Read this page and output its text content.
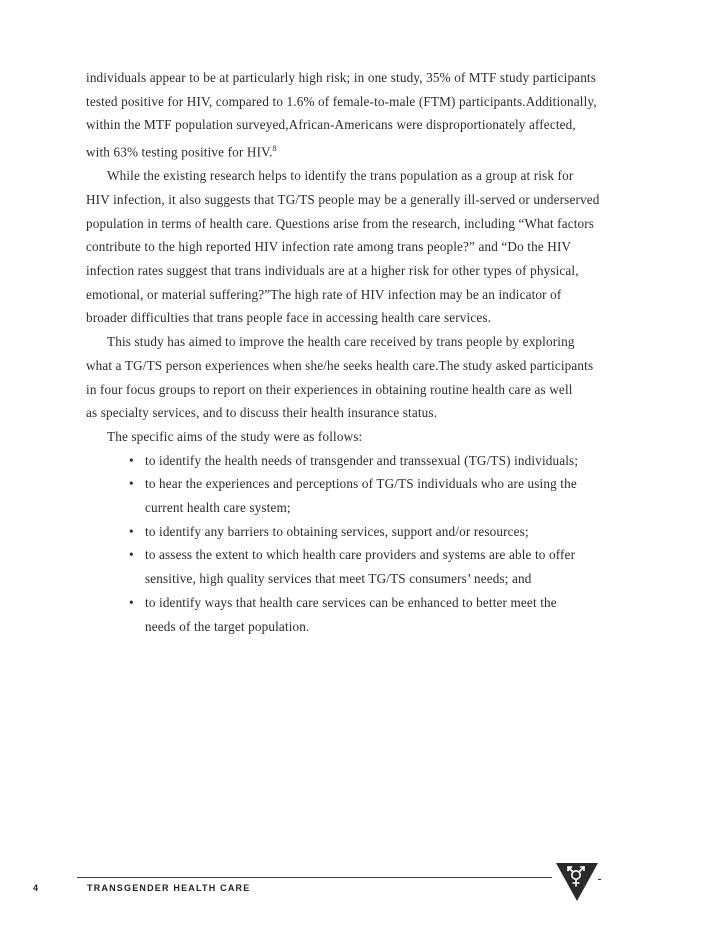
individuals appear to be at particularly high risk; in one study, 35% of MTF study participants
tested positive for HIV, compared to 1.6% of female-to-male (FTM) participants.Additionally,
within the MTF population surveyed,African-Americans were disproportionately affected,
with 63% testing positive for HIV.$^8$

While the existing research helps to identify the trans population as a group at risk for
HIV infection, it also suggests that TG/TS people may be a generally ill-served or underserved
population in terms of health care. Questions arise from the research, including “What factors
contribute to the high reported HIV infection rate among trans people?” and “Do the HIV
infection rates suggest that trans individuals are at a higher risk for other types of physical,
emotional, or material suffering?”The high rate of HIV infection may be an indicator of
broader difficulties that trans people face in accessing health care services.

This study has aimed to improve the health care received by trans people by exploring
what a TG/TS person experiences when she/he seeks health care.The study asked participants
in four focus groups to report on their experiences in obtaining routine health care as well
as specialty services, and to discuss their health insurance status.

The specific aims of the study were as follows:

• to identify the health needs of transgender and transsexual (TG/TS) individuals;
• to hear the experiences and perceptions of TG/TS individuals who are using the
current health care system;
• to identify any barriers to obtaining services, support and/or resources;
• to assess the extent to which health care providers and systems are able to offer
sensitive, high quality services that meet TG/TS consumers’ needs; and
• to identify ways that health care services can be enhanced to better meet the
needs of the target population.
4	TRANSGENDER HEALTH CARE
